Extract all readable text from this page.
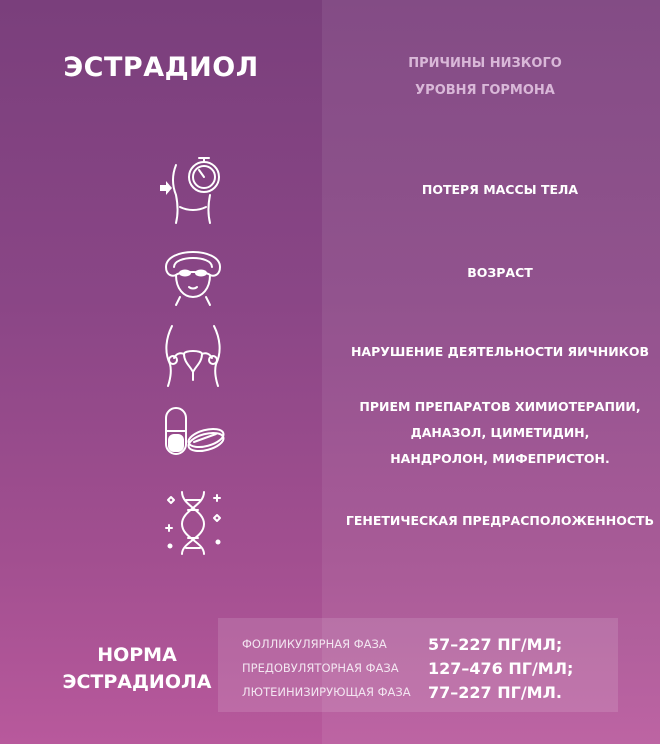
ЭСТРАДИОЛ	ПРИЧИНЫ НИЗКОГО
УРОВНЯ ГОРМОНА
ПОТЕРЯ МАССЫ ТЕЛА
ВОЗРАСТ
НАРУШЕНИЕ ДЕЯТЕЛЬНОСТИ ЯИЧНИКОВ
ПРИЕМ ПРЕПАРАТОВ ХИМИОТЕРАПИИ,
ДАНАЗОЛ, ЦИМЕТИДИН,
НАНДРОЛОН, МИФЕПРИСТОН.
ГЕНЕТИЧЕСКАЯ ПРЕДРАСПОЛОЖЕННОСТЬ
НОРМА
ЭСТРАДИОЛА
ФОЛЛИКУЛЯРНАЯ ФАЗА	57–227 ПГ/МЛ;
ПРЕДОВУЛЯТОРНАЯ ФАЗА	127–476 ПГ/МЛ;
ЛЮТЕИНИЗИРУЮЩАЯ ФАЗА	77–227 ПГ/МЛ.
